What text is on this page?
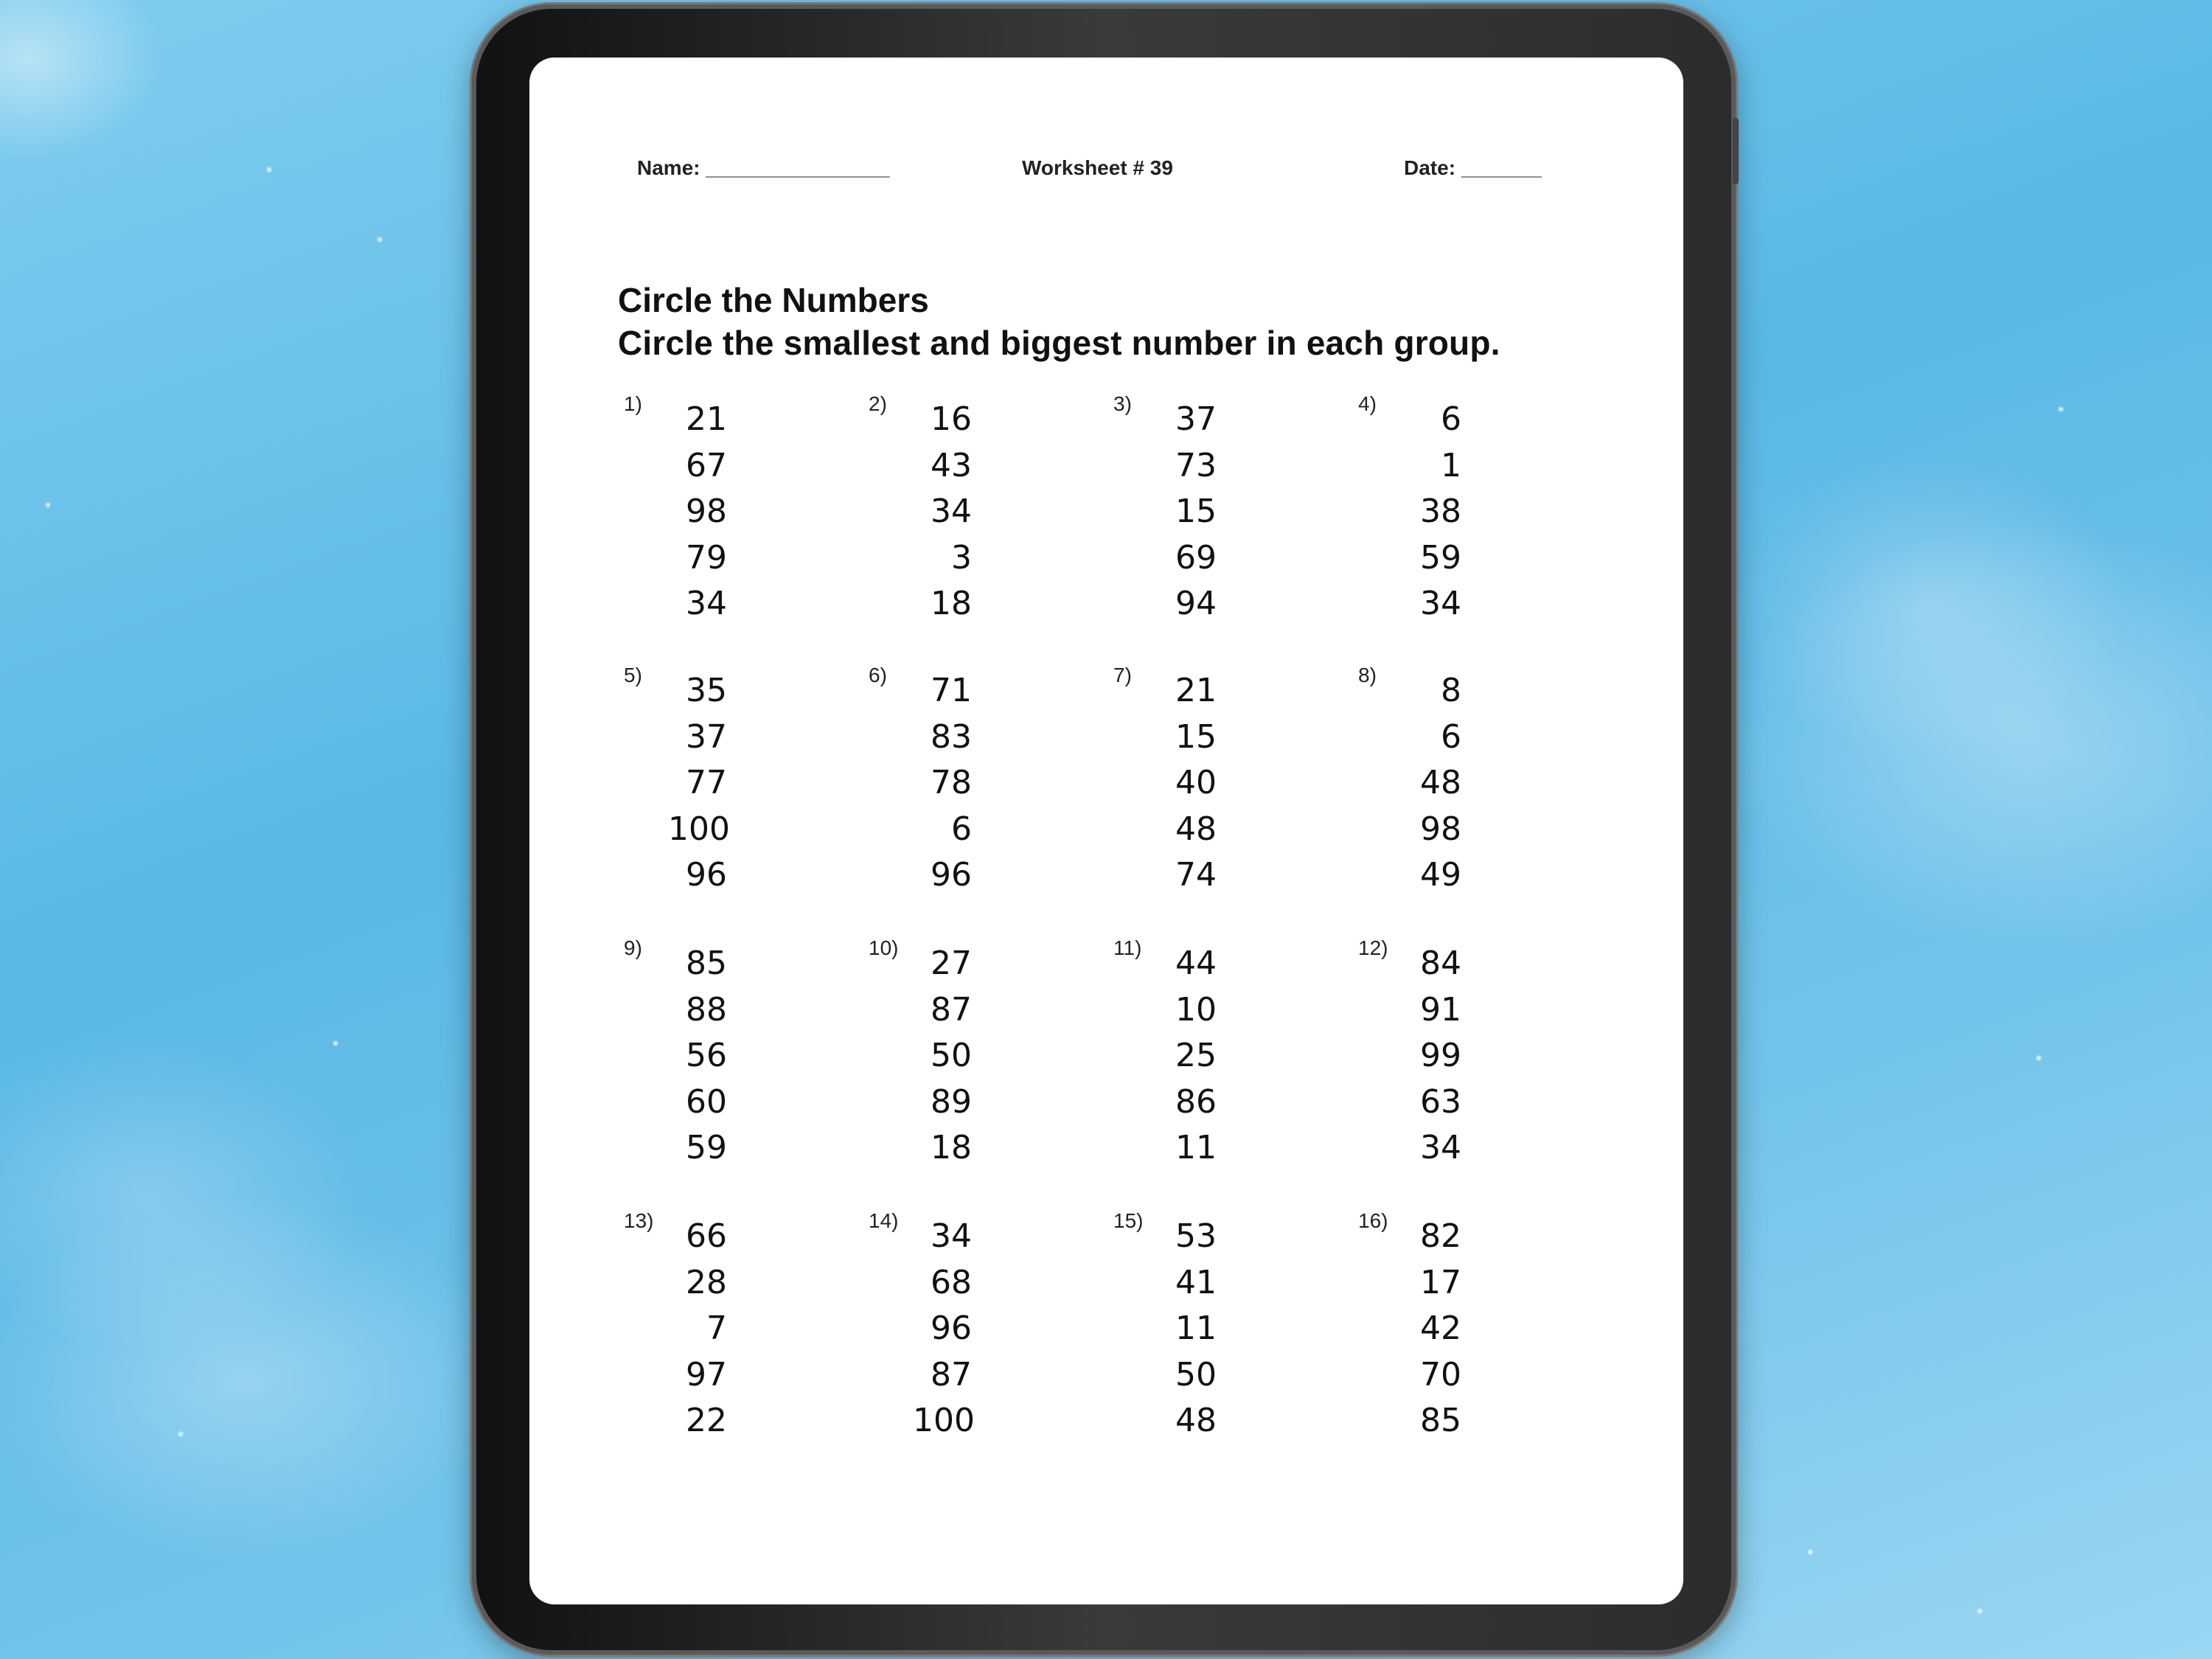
Name: ________________	Worksheet # 39	Date: _______
Circle the Numbers
Circle the smallest and biggest number in each group.
1)	21
67
98
79
34
2)	16
43
34
3
18
3)	37
73
15
69
94
4)	6
1
38
59
34
5)	35
37
77
100
96
6)	71
83
78
6
96
7)	21
15
40
48
74
8)	8
6
48
98
49
9)	85
88
56
60
59
10) 27
87
50
89
18
11)	44
10
25
86
11
12) 84
91
99
63
34
13) 66
28
7
97
22
14) 34
68
96
87
100
15) 53
41
11
50
48
16) 82
17
42
70
85
